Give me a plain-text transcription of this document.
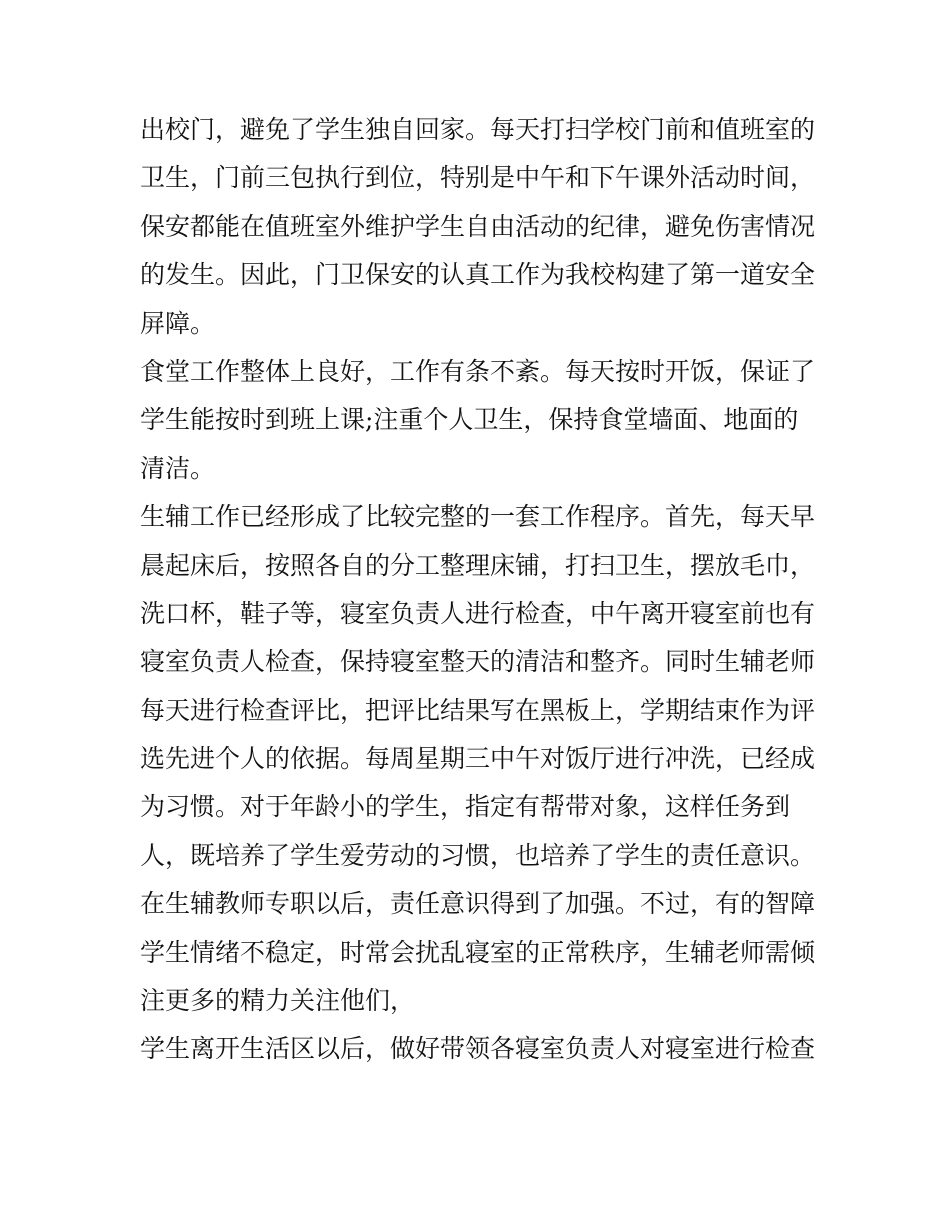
出校门，避免了学生独自回家。每天打扫学校门前和值班室的
卫生，门前三包执行到位，特别是中午和下午课外活动时间，
保安都能在值班室外维护学生自由活动的纪律，避免伤害情况
的发生。因此，门卫保安的认真工作为我校构建了第一道安全
屏障。
食堂工作整体上良好，工作有条不紊。每天按时开饭，保证了
学生能按时到班上课;注重个人卫生，保持食堂墙面、地面的
清洁。
生辅工作已经形成了比较完整的一套工作程序。首先，每天早
晨起床后，按照各自的分工整理床铺，打扫卫生，摆放毛巾，
洗口杯，鞋子等，寝室负责人进行检查，中午离开寝室前也有
寝室负责人检查，保持寝室整天的清洁和整齐。同时生辅老师
每天进行检查评比，把评比结果写在黑板上，学期结束作为评
选先进个人的依据。每周星期三中午对饭厅进行冲洗，已经成
为习惯。对于年龄小的学生，指定有帮带对象，这样任务到
人，既培养了学生爱劳动的习惯，也培养了学生的责任意识。
在生辅教师专职以后，责任意识得到了加强。不过，有的智障
学生情绪不稳定，时常会扰乱寝室的正常秩序，生辅老师需倾
注更多的精力关注他们，
学生离开生活区以后，做好带领各寝室负责人对寝室进行检查
